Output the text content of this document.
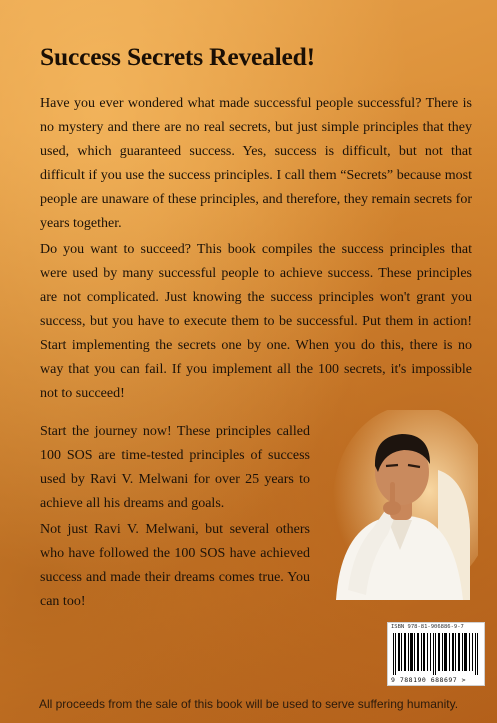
Success Secrets Revealed!

Have you ever wondered what made successful people successful? There is no mystery and there are no real secrets, but just simple principles that they used, which guaranteed success. Yes, success is difficult, but not that difficult if you use the success principles. I call them “Secrets” because most people are unaware of these principles, and therefore, they remain secrets for years together.

Do you want to succeed? This book compiles the success principles that were used by many successful people to achieve success. These principles are not complicated. Just knowing the success principles won't grant you success, but you have to execute them to be successful. Put them in action! Start implementing the secrets one by one. When you do this, there is no way that you can fail. If you implement all the 100 secrets, it's impossible not to succeed!

Start the journey now! These principles called 100 SOS are time-tested principles of success used by Ravi V. Melwani for over 25 years to achieve all his dreams and goals.

Not just Ravi V. Melwani, but several others who have followed the 100 SOS have achieved success and made their dreams comes true. You can too!

ISBN 978-81-906886-9-7
9 788190 688697 >

All proceeds from the sale of this book will be used to serve suffering humanity.
